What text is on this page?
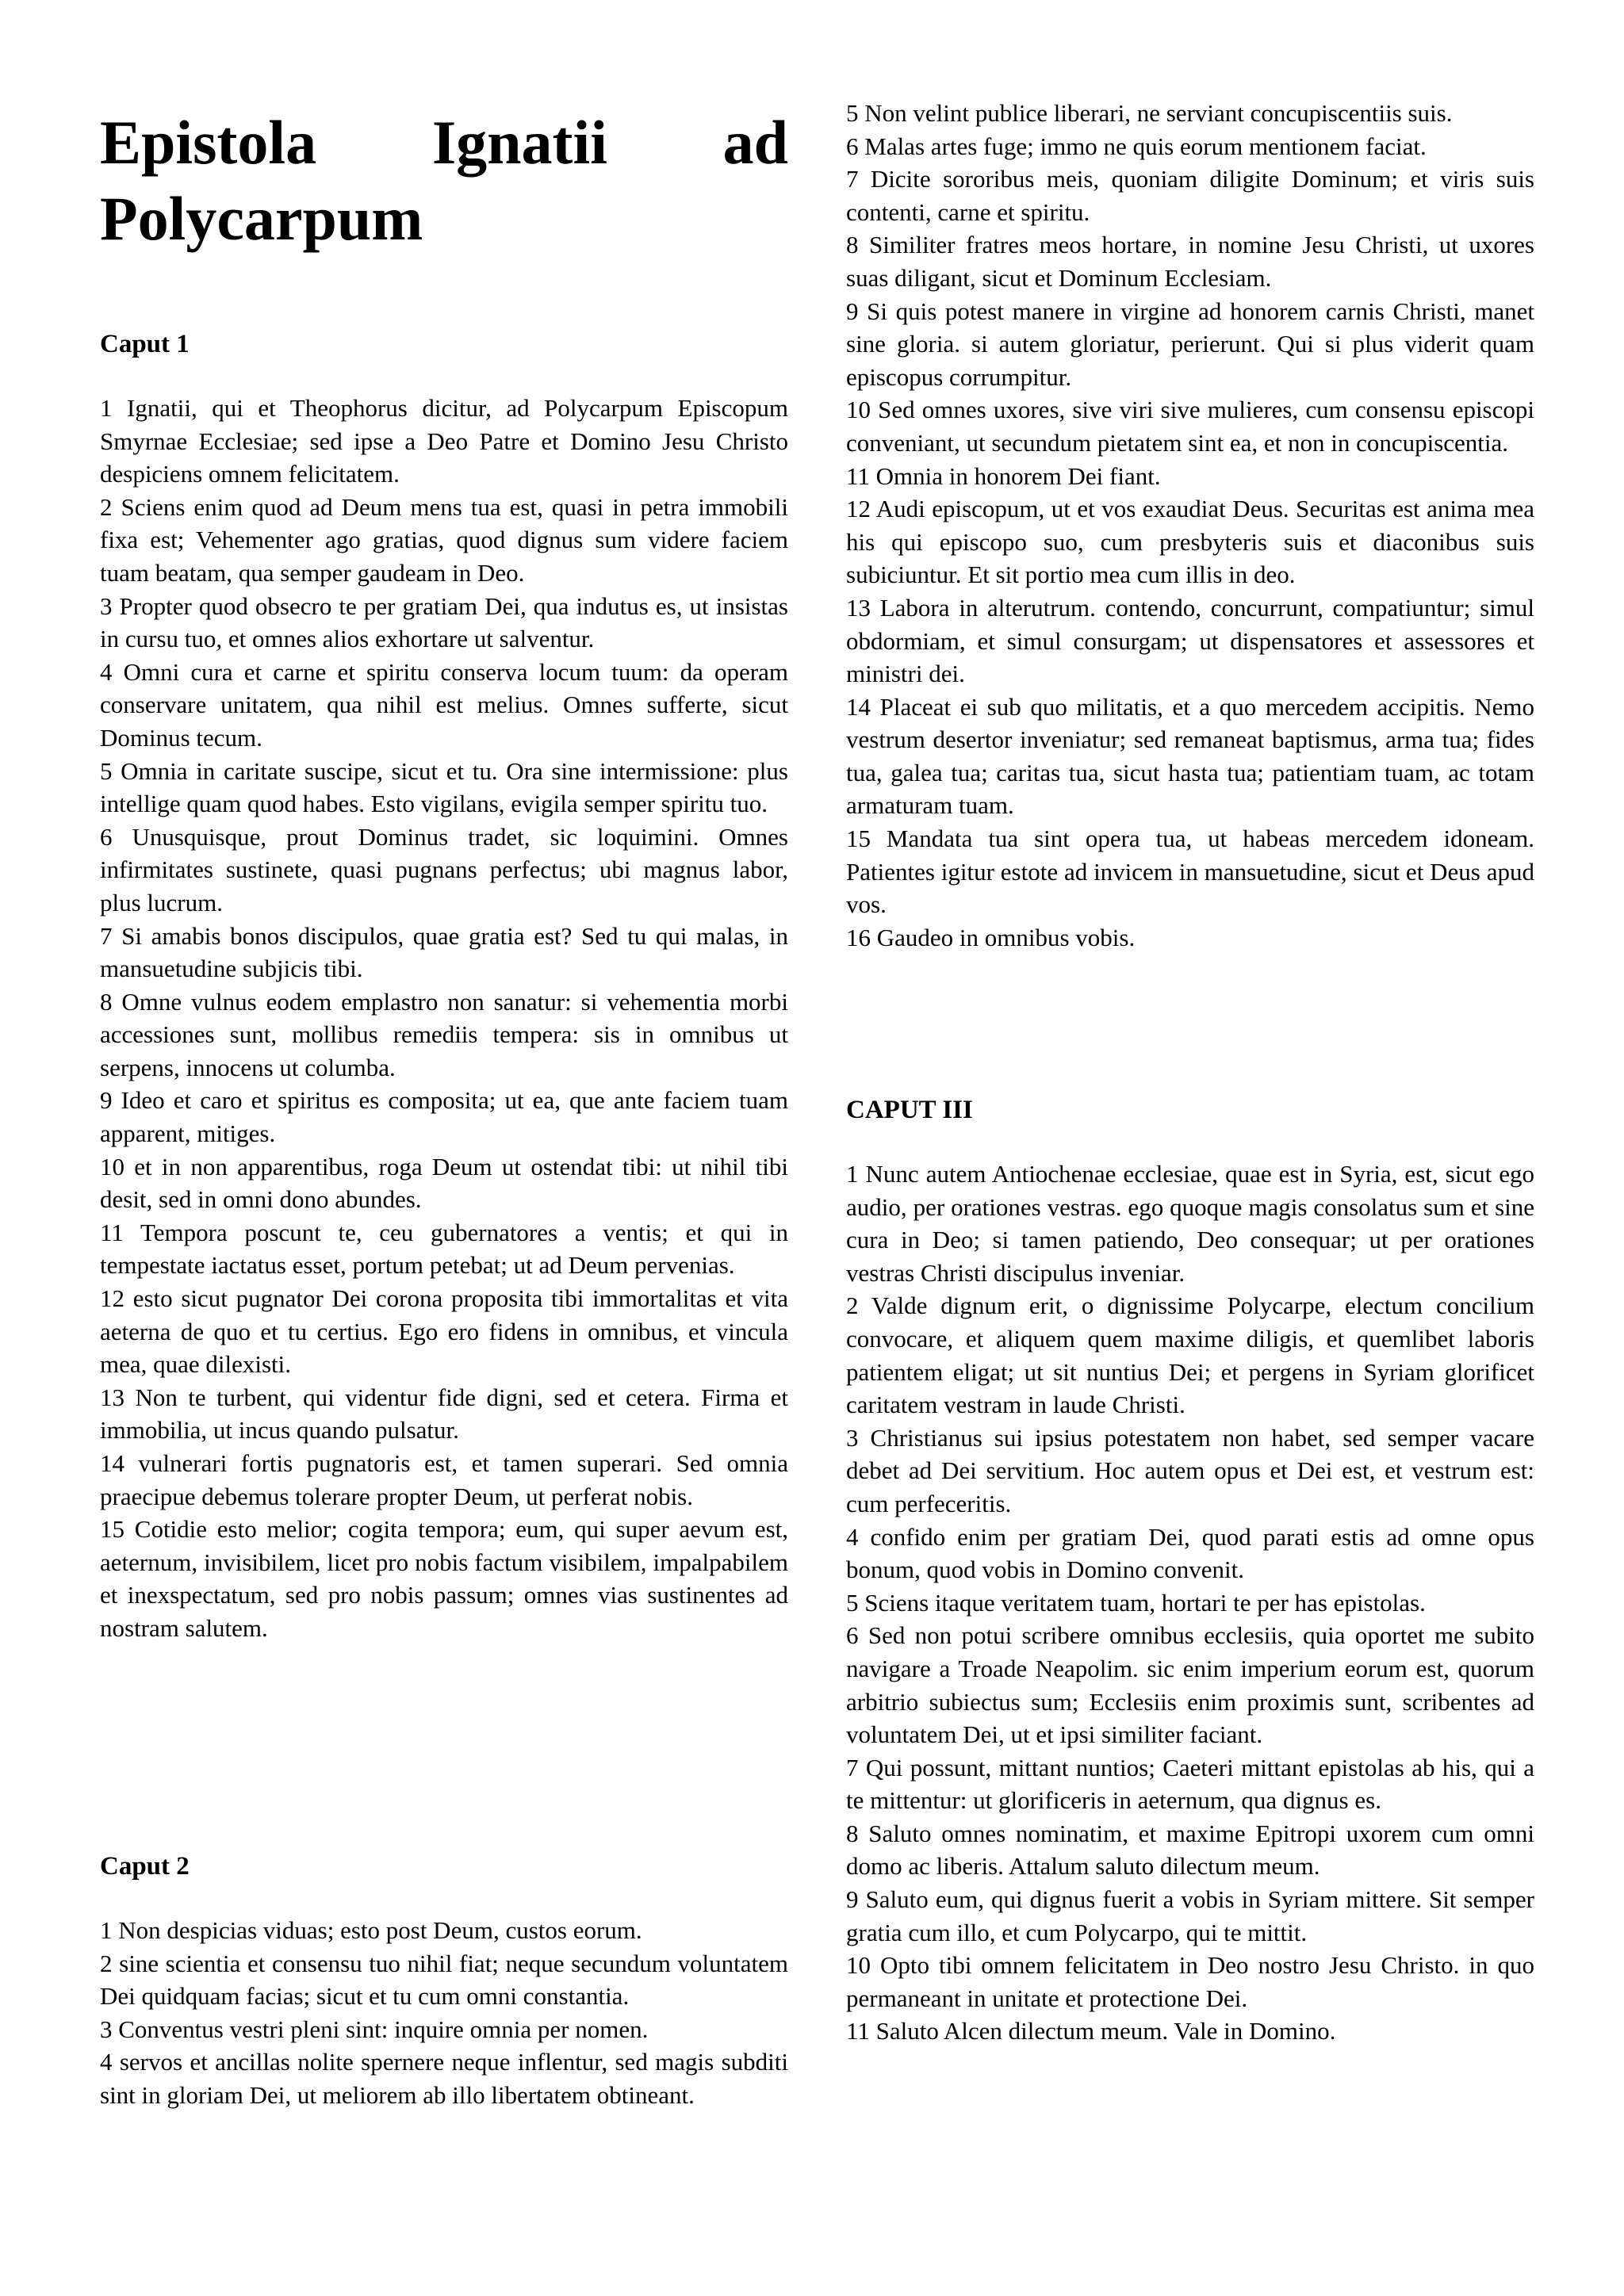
Epistola Ignatii ad Polycarpum
Caput 1

1 Ignatii, qui et Theophorus dicitur, ad Polycarpum Episcopum Smyrnae Ecclesiae; sed ipse a Deo Patre et Domino Jesu Christo despiciens omnem felicitatem.

2 Sciens enim quod ad Deum mens tua est, quasi in petra immobili fixa est; Vehementer ago gratias, quod dignus sum videre faciem tuam beatam, qua semper gaudeam in Deo.

3 Propter quod obsecro te per gratiam Dei, qua indutus es, ut insistas in cursu tuo, et omnes alios exhortare ut salventur.

4 Omni cura et carne et spiritu conserva locum tuum: da operam conservare unitatem, qua nihil est melius. Omnes sufferte, sicut Dominus tecum.

5 Omnia in caritate suscipe, sicut et tu. Ora sine intermissione: plus intellige quam quod habes. Esto vigilans, evigila semper spiritu tuo.

6 Unusquisque, prout Dominus tradet, sic loquimini. Omnes infirmitates sustinete, quasi pugnans perfectus; ubi magnus labor, plus lucrum.

7 Si amabis bonos discipulos, quae gratia est? Sed tu qui malas, in mansuetudine subjicis tibi.

8 Omne vulnus eodem emplastro non sanatur: si vehementia morbi accessiones sunt, mollibus remediis tempera: sis in omnibus ut serpens, innocens ut columba.

9 Ideo et caro et spiritus es composita; ut ea, que ante faciem tuam apparent, mitiges.

10 et in non apparentibus, roga Deum ut ostendat tibi: ut nihil tibi desit, sed in omni dono abundes.

11 Tempora poscunt te, ceu gubernatores a ventis; et qui in tempestate iactatus esset, portum petebat; ut ad Deum pervenias.

12 esto sicut pugnator Dei corona proposita tibi immortalitas et vita aeterna de quo et tu certius. Ego ero fidens in omnibus, et vincula mea, quae dilexisti.

13 Non te turbent, qui videntur fide digni, sed et cetera. Firma et immobilia, ut incus quando pulsatur.

14 vulnerari fortis pugnatoris est, et tamen superari. Sed omnia praecipue debemus tolerare propter Deum, ut perferat nobis.

15 Cotidie esto melior; cogita tempora; eum, qui super aevum est, aeternum, invisibilem, licet pro nobis factum visibilem, impalpabilem et inexspectatum, sed pro nobis passum; omnes vias sustinentes ad nostram salutem.

Caput 2

1 Non despicias viduas; esto post Deum, custos eorum.

2 sine scientia et consensu tuo nihil fiat; neque secundum voluntatem Dei quidquam facias; sicut et tu cum omni constantia.

3 Conventus vestri pleni sint: inquire omnia per nomen.

4 servos et ancillas nolite spernere neque inflentur, sed magis subditi sint in gloriam Dei, ut meliorem ab illo libertatem obtineant.

5 Non velint publice liberari, ne serviant concupiscentiis suis.

6 Malas artes fuge; immo ne quis eorum mentionem faciat.

7 Dicite sororibus meis, quoniam diligite Dominum; et viris suis contenti, carne et spiritu.

8 Similiter fratres meos hortare, in nomine Jesu Christi, ut uxores suas diligant, sicut et Dominum Ecclesiam.

9 Si quis potest manere in virgine ad honorem carnis Christi, manet sine gloria. si autem gloriatur, perierunt. Qui si plus viderit quam episcopus corrumpitur.

10 Sed omnes uxores, sive viri sive mulieres, cum consensu episcopi conveniant, ut secundum pietatem sint ea, et non in concupiscentia.

11 Omnia in honorem Dei fiant.

12 Audi episcopum, ut et vos exaudiat Deus. Securitas est anima mea his qui episcopo suo, cum presbyteris suis et diaconibus suis subiciuntur. Et sit portio mea cum illis in deo.

13 Labora in alterutrum. contendo, concurrunt, compatiuntur; simul obdormiam, et simul consurgam; ut dispensatores et assessores et ministri dei.

14 Placeat ei sub quo militatis, et a quo mercedem accipitis. Nemo vestrum desertor inveniatur; sed remaneat baptismus, arma tua; fides tua, galea tua; caritas tua, sicut hasta tua; patientiam tuam, ac totam armaturam tuam.

15 Mandata tua sint opera tua, ut habeas mercedem idoneam. Patientes igitur estote ad invicem in mansuetudine, sicut et Deus apud vos.

16 Gaudeo in omnibus vobis.

CAPUT III

1 Nunc autem Antiochenae ecclesiae, quae est in Syria, est, sicut ego audio, per orationes vestras. ego quoque magis consolatus sum et sine cura in Deo; si tamen patiendo, Deo consequar; ut per orationes vestras Christi discipulus inveniar.

2 Valde dignum erit, o dignissime Polycarpe, electum concilium convocare, et aliquem quem maxime diligis, et quemlibet laboris patientem eligat; ut sit nuntius Dei; et pergens in Syriam glorificet caritatem vestram in laude Christi.

3 Christianus sui ipsius potestatem non habet, sed semper vacare debet ad Dei servitium. Hoc autem opus et Dei est, et vestrum est: cum perfeceritis.

4 confido enim per gratiam Dei, quod parati estis ad omne opus bonum, quod vobis in Domino convenit.

5 Sciens itaque veritatem tuam, hortari te per has epistolas.

6 Sed non potui scribere omnibus ecclesiis, quia oportet me subito navigare a Troade Neapolim. sic enim imperium eorum est, quorum arbitrio subiectus sum; Ecclesiis enim proximis sunt, scribentes ad voluntatem Dei, ut et ipsi similiter faciant.

7 Qui possunt, mittant nuntios; Caeteri mittant epistolas ab his, qui a te mittentur: ut glorificeris in aeternum, qua dignus es.

8 Saluto omnes nominatim, et maxime Epitropi uxorem cum omni domo ac liberis. Attalum saluto dilectum meum.

9 Saluto eum, qui dignus fuerit a vobis in Syriam mittere. Sit semper gratia cum illo, et cum Polycarpo, qui te mittit.

10 Opto tibi omnem felicitatem in Deo nostro Jesu Christo. in quo permaneant in unitate et protectione Dei.

11 Saluto Alcen dilectum meum. Vale in Domino.
